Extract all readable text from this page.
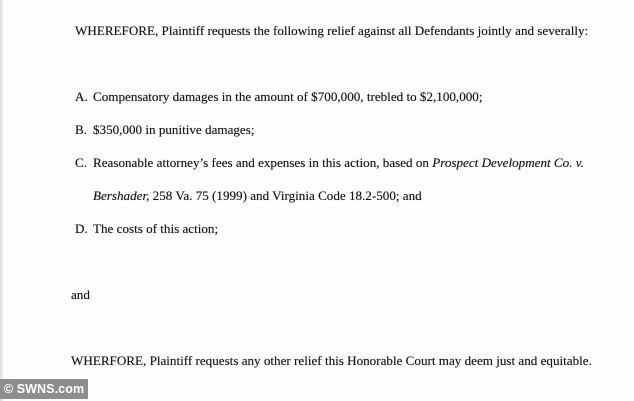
WHEREFORE, Plaintiff requests the following relief against all Defendants jointly and severally:

A. Compensatory damages in the amount of $700,000, trebled to $2,100,000;
B. $350,000 in punitive damages;
C. Reasonable attorney’s fees and expenses in this action, based on Prospect Development Co. v. Bershader, 258 Va. 75 (1999) and Virginia Code 18.2-500; and
D. The costs of this action;

and

WHERFORE, Plaintiff requests any other relief this Honorable Court may deem just and equitable.

© SWNS.com
